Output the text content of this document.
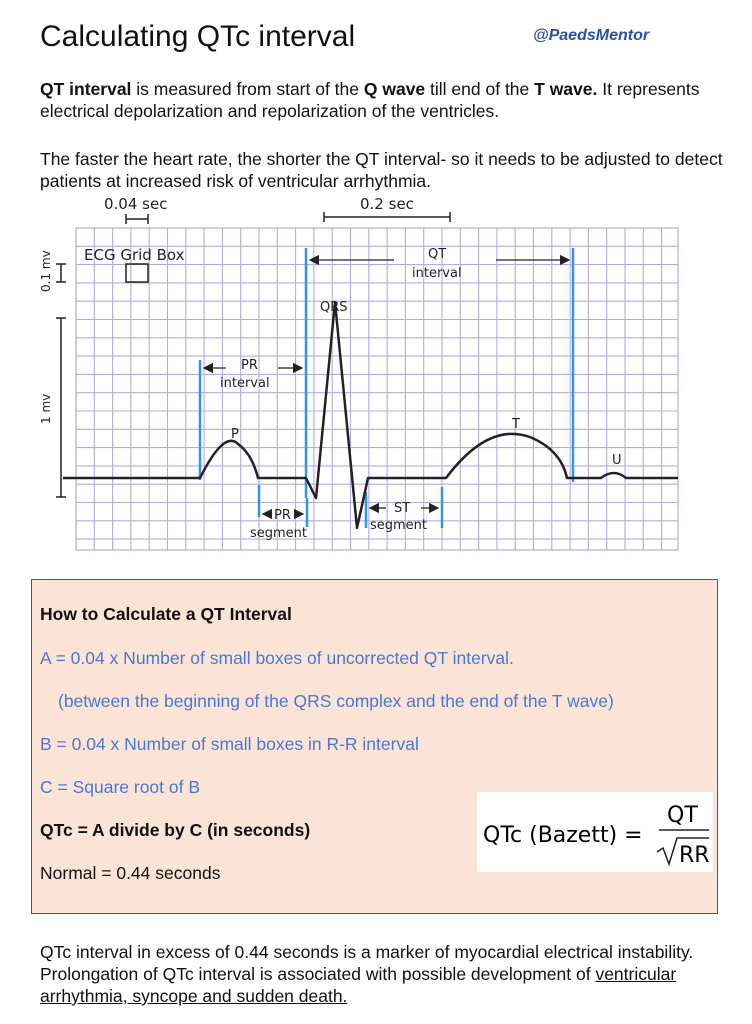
Calculating QTc interval	@PaedsMentor
QT interval is measured from start of the Q wave till end of the T wave. It represents electrical depolarization and repolarization of the ventricles.
The faster the heart rate, the shorter the QT interval- so it needs to be adjusted to detect patients at increased risk of ventricular arrhythmia.
0.04 sec	0.2 sec
0.1 mv
1 mv
ECG Grid Box	QT
interval
QRS
PR
interval
P
T
U
PR
segment
ST
segment
How to Calculate a QT Interval
A = 0.04 x Number of small boxes of uncorrected QT interval.
(between the beginning of the QRS complex and the end of the T wave)
B = 0.04 x Number of small boxes in R-R interval
C = Square root of B
QTc = A divide by C (in seconds)
Normal = 0.44 seconds
QTc (Bazett) =
QT
RR
QTc interval in excess of 0.44 seconds is a marker of myocardial electrical instability. Prolongation of QTc interval is associated with possible development of ventricular arrhythmia, syncope and sudden death.
